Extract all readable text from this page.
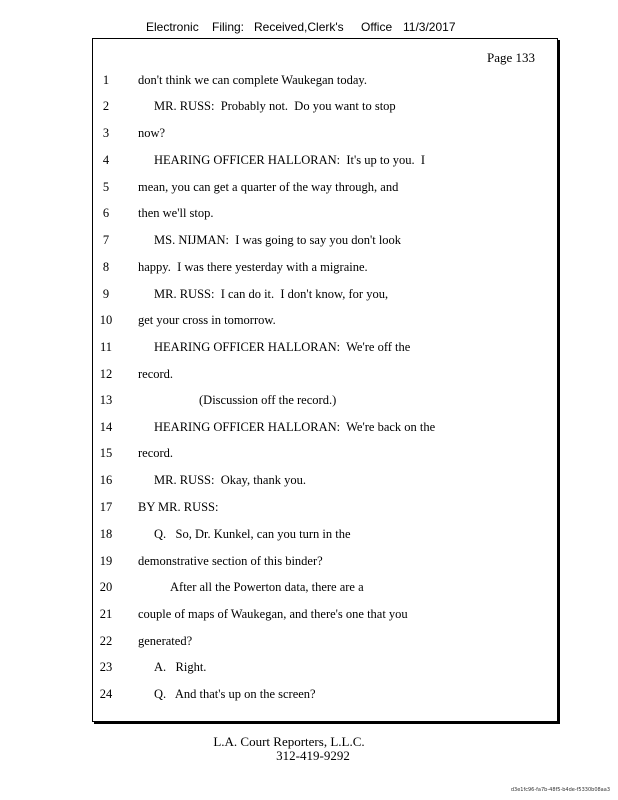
Electronic Filing: Received,Clerk's Office 11/3/2017
Page 133
1	don't think we can complete Waukegan today.
2	MR. RUSS:  Probably not.  Do you want to stop
3	now?
4	HEARING OFFICER HALLORAN:  It's up to you.  I
5	mean, you can get a quarter of the way through, and
6	then we'll stop.
7	MS. NIJMAN:  I was going to say you don't look
8	happy.  I was there yesterday with a migraine.
9	MR. RUSS:  I can do it.  I don't know, for you,
10	get your cross in tomorrow.
11	HEARING OFFICER HALLORAN:  We're off the
12	record.
13	(Discussion off the record.)
14	HEARING OFFICER HALLORAN:  We're back on the
15	record.
16	MR. RUSS:  Okay, thank you.
17	BY MR. RUSS:
18	Q.   So, Dr. Kunkel, can you turn in the
19	demonstrative section of this binder?
20	After all the Powerton data, there are a
21	couple of maps of Waukegan, and there's one that you
22	generated?
23	A.   Right.
24	Q.   And that's up on the screen?
L.A. Court Reporters, L.L.C.
312-419-9292
d3e1fc96-fa7b-48f5-b4de-f5330b08aa3
